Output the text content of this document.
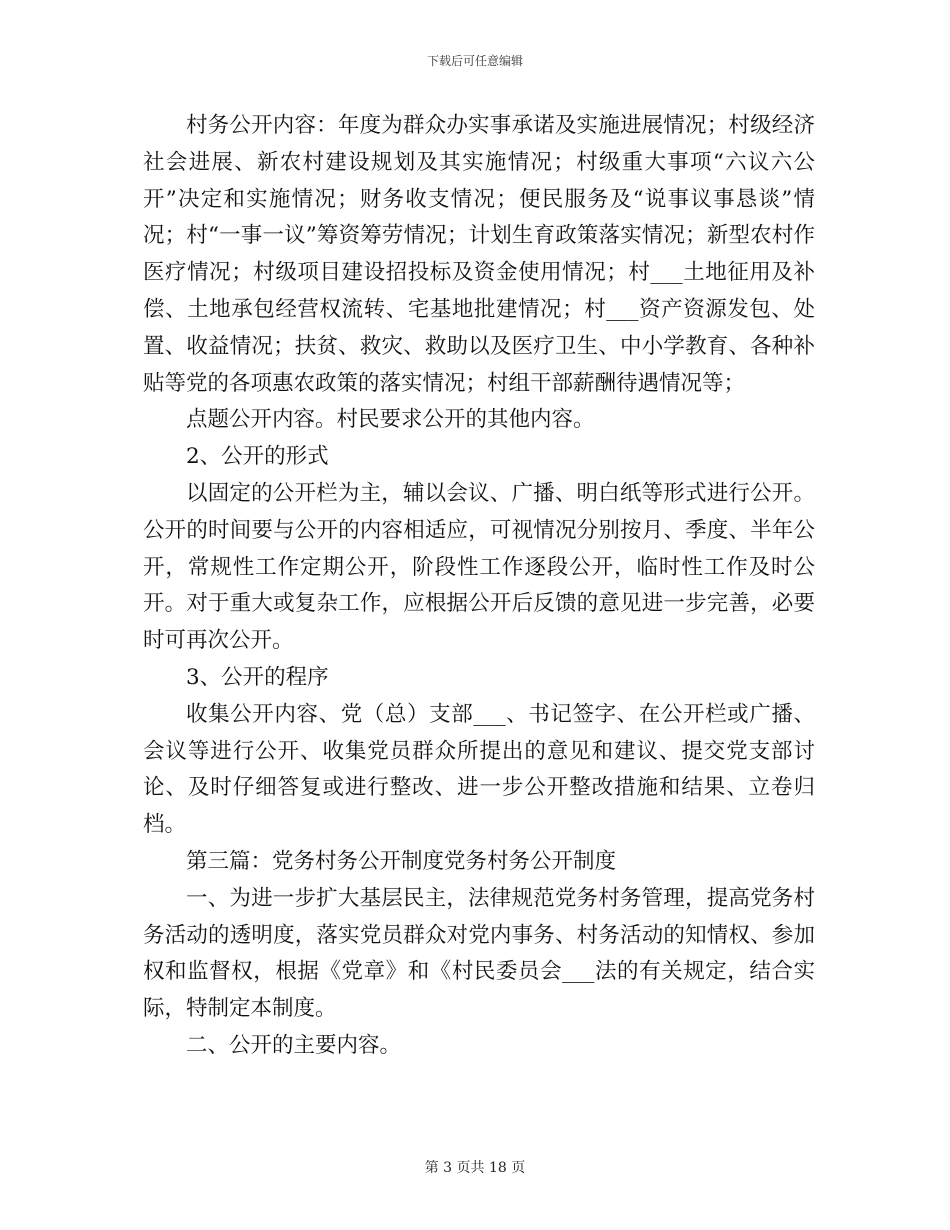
下载后可任意编辑

村务公开内容：年度为群众办实事承诺及实施进展情况；村级经济社会进展、新农村建设规划及其实施情况；村级重大事项“六议六公开”决定和实施情况；财务收支情况；便民服务及“说事议事恳谈”情况；村“一事一议”筹资筹劳情况；计划生育政策落实情况；新型农村作医疗情况；村级项目建设招投标及资金使用情况；村___土地征用及补偿、土地承包经营权流转、宅基地批建情况；村___资产资源发包、处置、收益情况；扶贫、救灾、救助以及医疗卫生、中小学教育、各种补贴等党的各项惠农政策的落实情况；村组干部薪酬待遇情况等；

点题公开内容。村民要求公开的其他内容。

2、公开的形式

以固定的公开栏为主，辅以会议、广播、明白纸等形式进行公开。公开的时间要与公开的内容相适应，可视情况分别按月、季度、半年公开，常规性工作定期公开，阶段性工作逐段公开，临时性工作及时公开。对于重大或复杂工作，应根据公开后反馈的意见进一步完善，必要时可再次公开。

3、公开的程序

收集公开内容、党（总）支部___、书记签字、在公开栏或广播、会议等进行公开、收集党员群众所提出的意见和建议、提交党支部讨论、及时仔细答复或进行整改、进一步公开整改措施和结果、立卷归档。

第三篇：党务村务公开制度党务村务公开制度

一、为进一步扩大基层民主，法律规范党务村务管理，提高党务村务活动的透明度，落实党员群众对党内事务、村务活动的知情权、参加权和监督权，根据《党章》和《村民委员会___法的有关规定，结合实际，特制定本制度。

二、公开的主要内容。

第 3 页共 18 页
